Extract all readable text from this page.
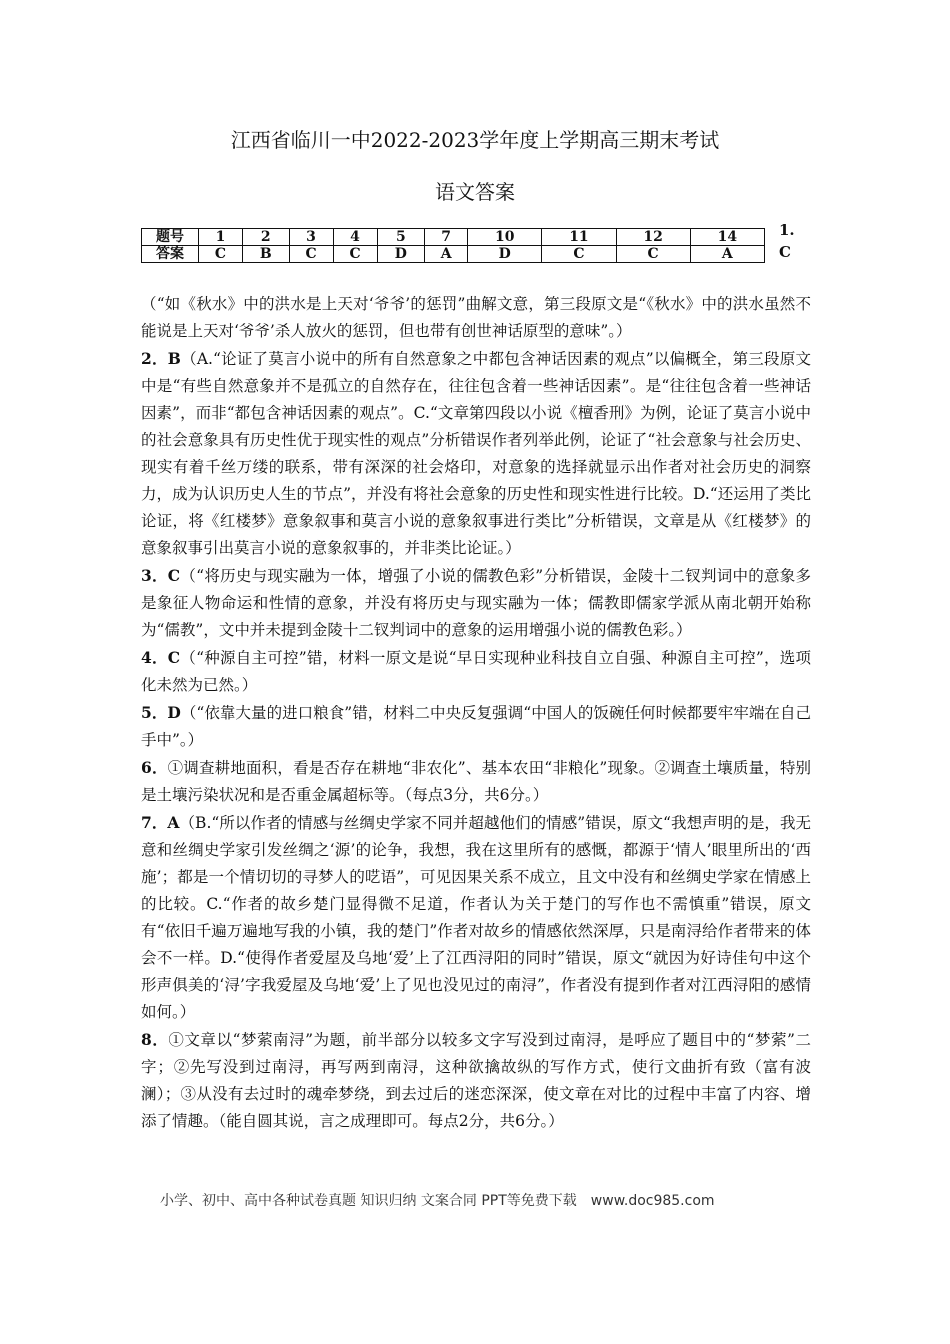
江西省临川一中2022-2023学年度上学期高三期末考试
语文答案
题号	1	2	3	4	5	7	10	11	12	14
答案	C	B	C	C	D	A	D	C	C	A
1.
C

（“如《秋水》中的洪水是上天对‘爷爷’的惩罚”曲解文意，第三段原文是“《秋水》中的洪水虽然不能说是上天对‘爷爷’杀人放火的惩罚，但也带有创世神话原型的意味”。）

2．B（A.“论证了莫言小说中的所有自然意象之中都包含神话因素的观点”以偏概全，第三段原文中是“有些自然意象并不是孤立的自然存在，往往包含着一些神话因素”。是“往往包含着一些神话因素”，而非“都包含神话因素的观点”。C.“文章第四段以小说《檀香刑》为例，论证了莫言小说中的社会意象具有历史性优于现实性的观点”分析错误作者列举此例，论证了“社会意象与社会历史、现实有着千丝万缕的联系，带有深深的社会烙印，对意象的选择就显示出作者对社会历史的洞察力，成为认识历史人生的节点”，并没有将社会意象的历史性和现实性进行比较。D.“还运用了类比论证，将《红楼梦》意象叙事和莫言小说的意象叙事进行类比”分析错误，文章是从《红楼梦》的意象叙事引出莫言小说的意象叙事的，并非类比论证。）

3．C（“将历史与现实融为一体，增强了小说的儒教色彩”分析错误，金陵十二钗判词中的意象多是象征人物命运和性情的意象，并没有将历史与现实融为一体；儒教即儒家学派从南北朝开始称为“儒教”，文中并未提到金陵十二钗判词中的意象的运用增强小说的儒教色彩。）

4．C（“种源自主可控”错，材料一原文是说“早日实现种业科技自立自强、种源自主可控”，选项化未然为已然。）

5．D（“依靠大量的进口粮食”错，材料二中央反复强调“中国人的饭碗任何时候都要牢牢端在自己手中”。）

6．①调查耕地面积，看是否存在耕地“非农化”、基本农田“非粮化”现象。②调查土壤质量，特别是土壤污染状况和是否重金属超标等。（每点3分，共6分。）

7．A（B.“所以作者的情感与丝绸史学家不同并超越他们的情感”错误，原文“我想声明的是，我无意和丝绸史学家引发丝绸之‘源’的论争，我想，我在这里所有的感慨，都源于‘情人’眼里所出的‘西施’；都是一个情切切的寻梦人的呓语”，可见因果关系不成立，且文中没有和丝绸史学家在情感上的比较。C.“作者的故乡楚门显得微不足道，作者认为关于楚门的写作也不需慎重”错误，原文有“依旧千遍万遍地写我的小镇，我的楚门”作者对故乡的情感依然深厚，只是南浔给作者带来的体会不一样。D.“使得作者爱屋及乌地‘爱’上了江西浔阳的同时”错误，原文“就因为好诗佳句中这个形声俱美的‘浔’字我爱屋及乌地‘爱’上了见也没见过的南浔”，作者没有提到作者对江西浔阳的感情如何。）

8．①文章以“梦萦南浔”为题，前半部分以较多文字写没到过南浔，是呼应了题目中的“梦萦”二字；②先写没到过南浔，再写两到南浔，这种欲擒故纵的写作方式，使行文曲折有致（富有波澜）；③从没有去过时的魂牵梦绕，到去过后的迷恋深深，使文章在对比的过程中丰富了内容、增添了情趣。（能自圆其说，言之成理即可。每点2分，共6分。）

小学、初中、高中各种试卷真题 知识归纳 文案合同 PPT等免费下载 www.doc985.com
